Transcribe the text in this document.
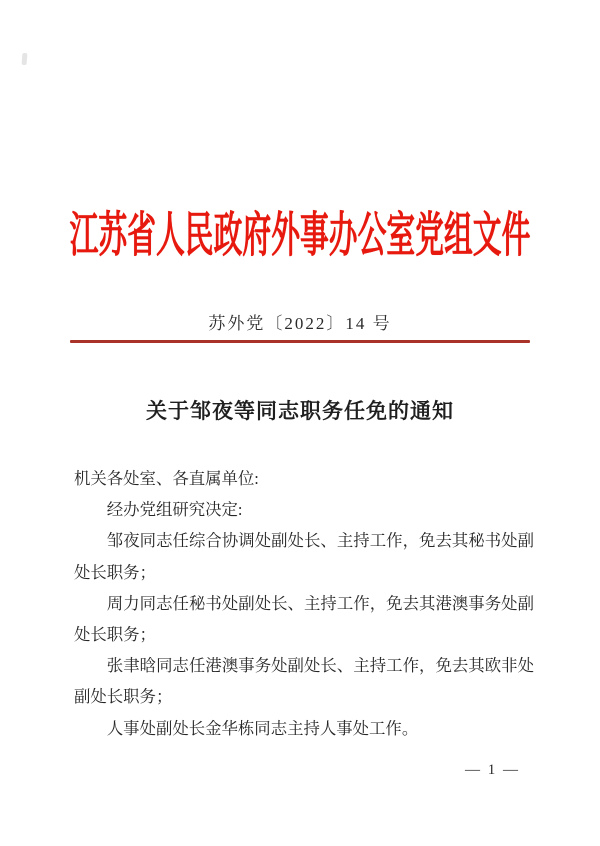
江苏省人民政府外事办公室党组文件
苏外党〔2022〕14 号
关于邹夜等同志职务任免的通知

机关各处室、各直属单位:

经办党组研究决定:

邹夜同志任综合协调处副处长、主持工作，免去其秘书处副处长职务；

周力同志任秘书处副处长、主持工作，免去其港澳事务处副处长职务；

张聿晗同志任港澳事务处副处长、主持工作，免去其欧非处副处长职务；

人事处副处长金华栋同志主持人事处工作。

— 1 —
